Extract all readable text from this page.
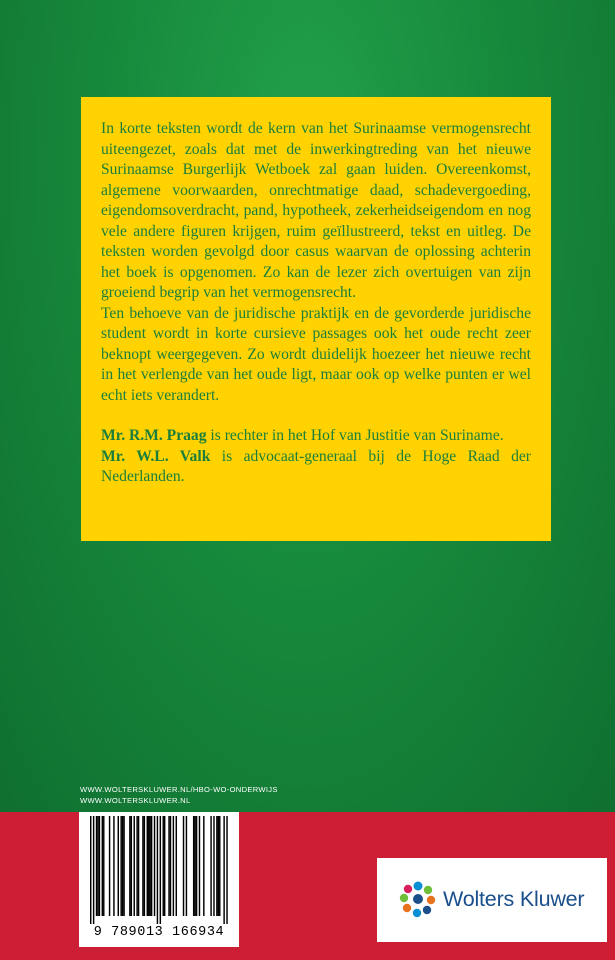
In korte teksten wordt de kern van het Surinaamse vermogensrecht uiteengezet, zoals dat met de inwerkingtreding van het nieuwe Surinaamse Burgerlijk Wetboek zal gaan luiden. Overeenkomst, algemene voorwaarden, onrechtmatige daad, schadevergoeding, eigendomsoverdracht, pand, hypotheek, zekerheidseigendom en nog vele andere figuren krijgen, ruim geïllustreerd, tekst en uitleg. De teksten worden gevolgd door casus waarvan de oplossing achterin het boek is opgenomen. Zo kan de lezer zich overtuigen van zijn groeiend begrip van het vermogensrecht.

Ten behoeve van de juridische praktijk en de gevorderde juridische student wordt in korte cursieve passages ook het oude recht zeer beknopt weergegeven. Zo wordt duidelijk hoezeer het nieuwe recht in het verlengde van het oude ligt, maar ook op welke punten er wel echt iets verandert.

Mr. R.M. Praag is rechter in het Hof van Justitie van Suriname.

Mr. W.L. Valk is advocaat-generaal bij de Hoge Raad der Nederlanden.

WWW.WOLTERSKLUWER.NL/HBO-WO-ONDERWIJS
WWW.WOLTERSKLUWER.NL
9 789013 166934
Wolters Kluwer
